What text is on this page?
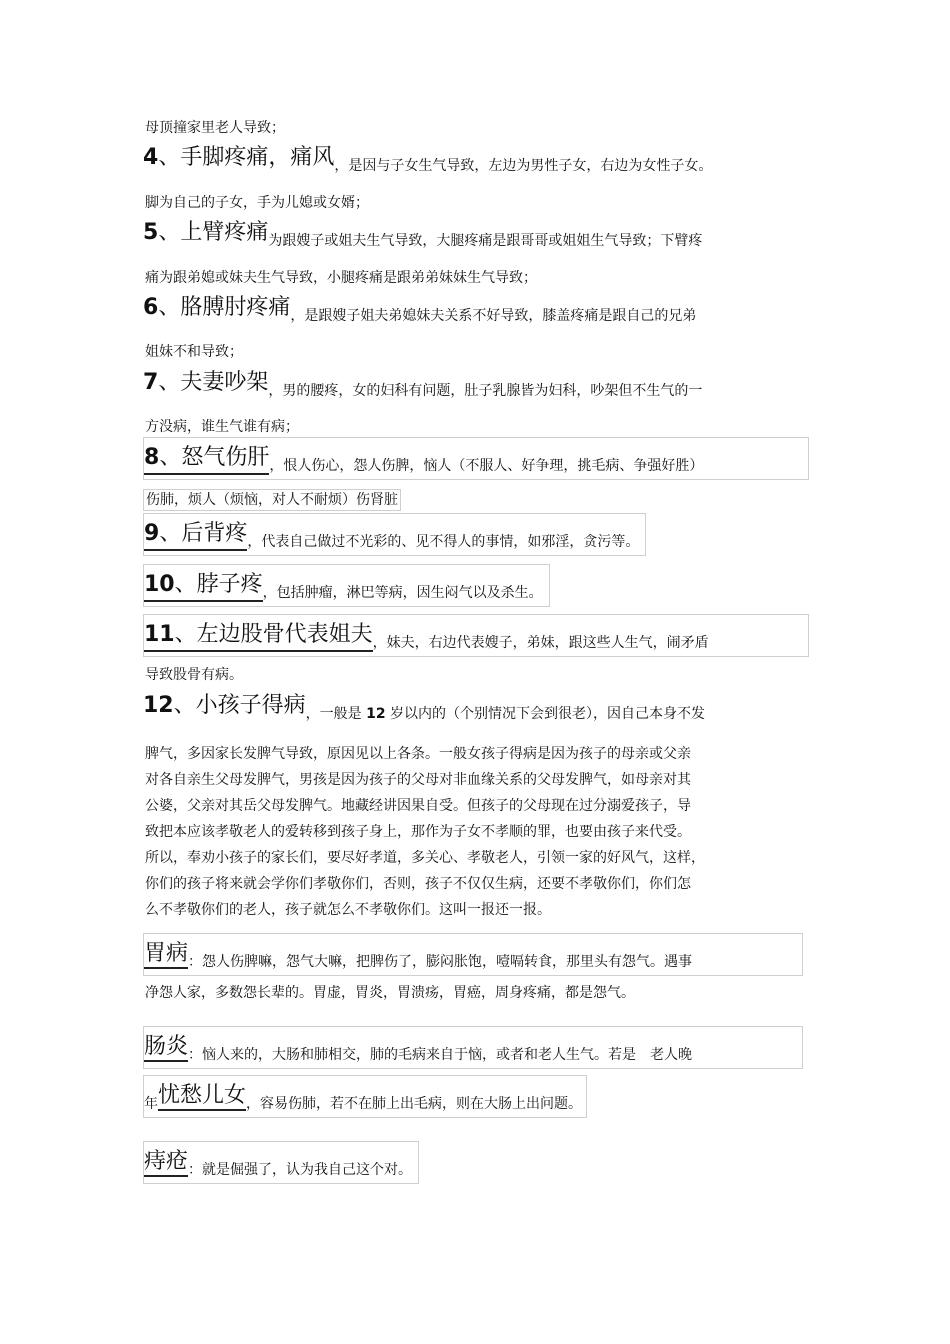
母顶撞家里老人导致；
4、手脚疼痛，痛风，是因与子女生气导致，左边为男性子女，右边为女性子女。
脚为自己的子女，手为儿媳或女婿；
5、上臂疼痛为跟嫂子或姐夫生气导致，大腿疼痛是跟哥哥或姐姐生气导致；下臂疼
痛为跟弟媳或妹夫生气导致，小腿疼痛是跟弟弟妹妹生气导致；
6、胳膊肘疼痛，是跟嫂子姐夫弟媳妹夫关系不好导致，膝盖疼痛是跟自己的兄弟
姐妹不和导致；
7、夫妻吵架，男的腰疼，女的妇科有问题，肚子乳腺皆为妇科，吵架但不生气的一
方没病，谁生气谁有病；
8、怒气伤肝，恨人伤心，怨人伤脾，恼人（不服人、好争理，挑毛病、争强好胜）
伤肺，烦人（烦恼，对人不耐烦）伤肾脏
9、后背疼，代表自己做过不光彩的、见不得人的事情，如邪淫，贪污等。
10、脖子疼，包括肿瘤，淋巴等病，因生闷气以及杀生。
11、左边股骨代表姐夫，妹夫，右边代表嫂子，弟妹，跟这些人生气，闹矛盾
导致股骨有病。
12、小孩子得病，一般是 12 岁以内的（个别情况下会到很老），因自己本身不发
脾气，多因家长发脾气导致，原因见以上各条。一般女孩子得病是因为孩子的母亲或父亲
对各自亲生父母发脾气，男孩是因为孩子的父母对非血缘关系的父母发脾气，如母亲对其
公婆，父亲对其岳父母发脾气。地藏经讲因果自受。但孩子的父母现在过分溺爱孩子，导
致把本应该孝敬老人的爱转移到孩子身上，那作为子女不孝顺的罪，也要由孩子来代受。
所以，奉劝小孩子的家长们，要尽好孝道，多关心、孝敬老人，引领一家的好风气，这样，
你们的孩子将来就会学你们孝敬你们，否则，孩子不仅仅生病，还要不孝敬你们，你们怎
么不孝敬你们的老人，孩子就怎么不孝敬你们。这叫一报还一报。
胃病：怨人伤脾嘛，怨气大嘛，把脾伤了，膨闷胀饱，噎嗝转食，那里头有怨气。遇事
净怨人家，多数怨长辈的。胃虚，胃炎，胃溃疡，胃癌，周身疼痛，都是怨气。
肠炎：恼人来的，大肠和肺相交，肺的毛病来自于恼，或者和老人生气。若是　老人晚
年忧愁儿女，容易伤肺，若不在肺上出毛病，则在大肠上出问题。
痔疮：就是倔强了，认为我自己这个对。
